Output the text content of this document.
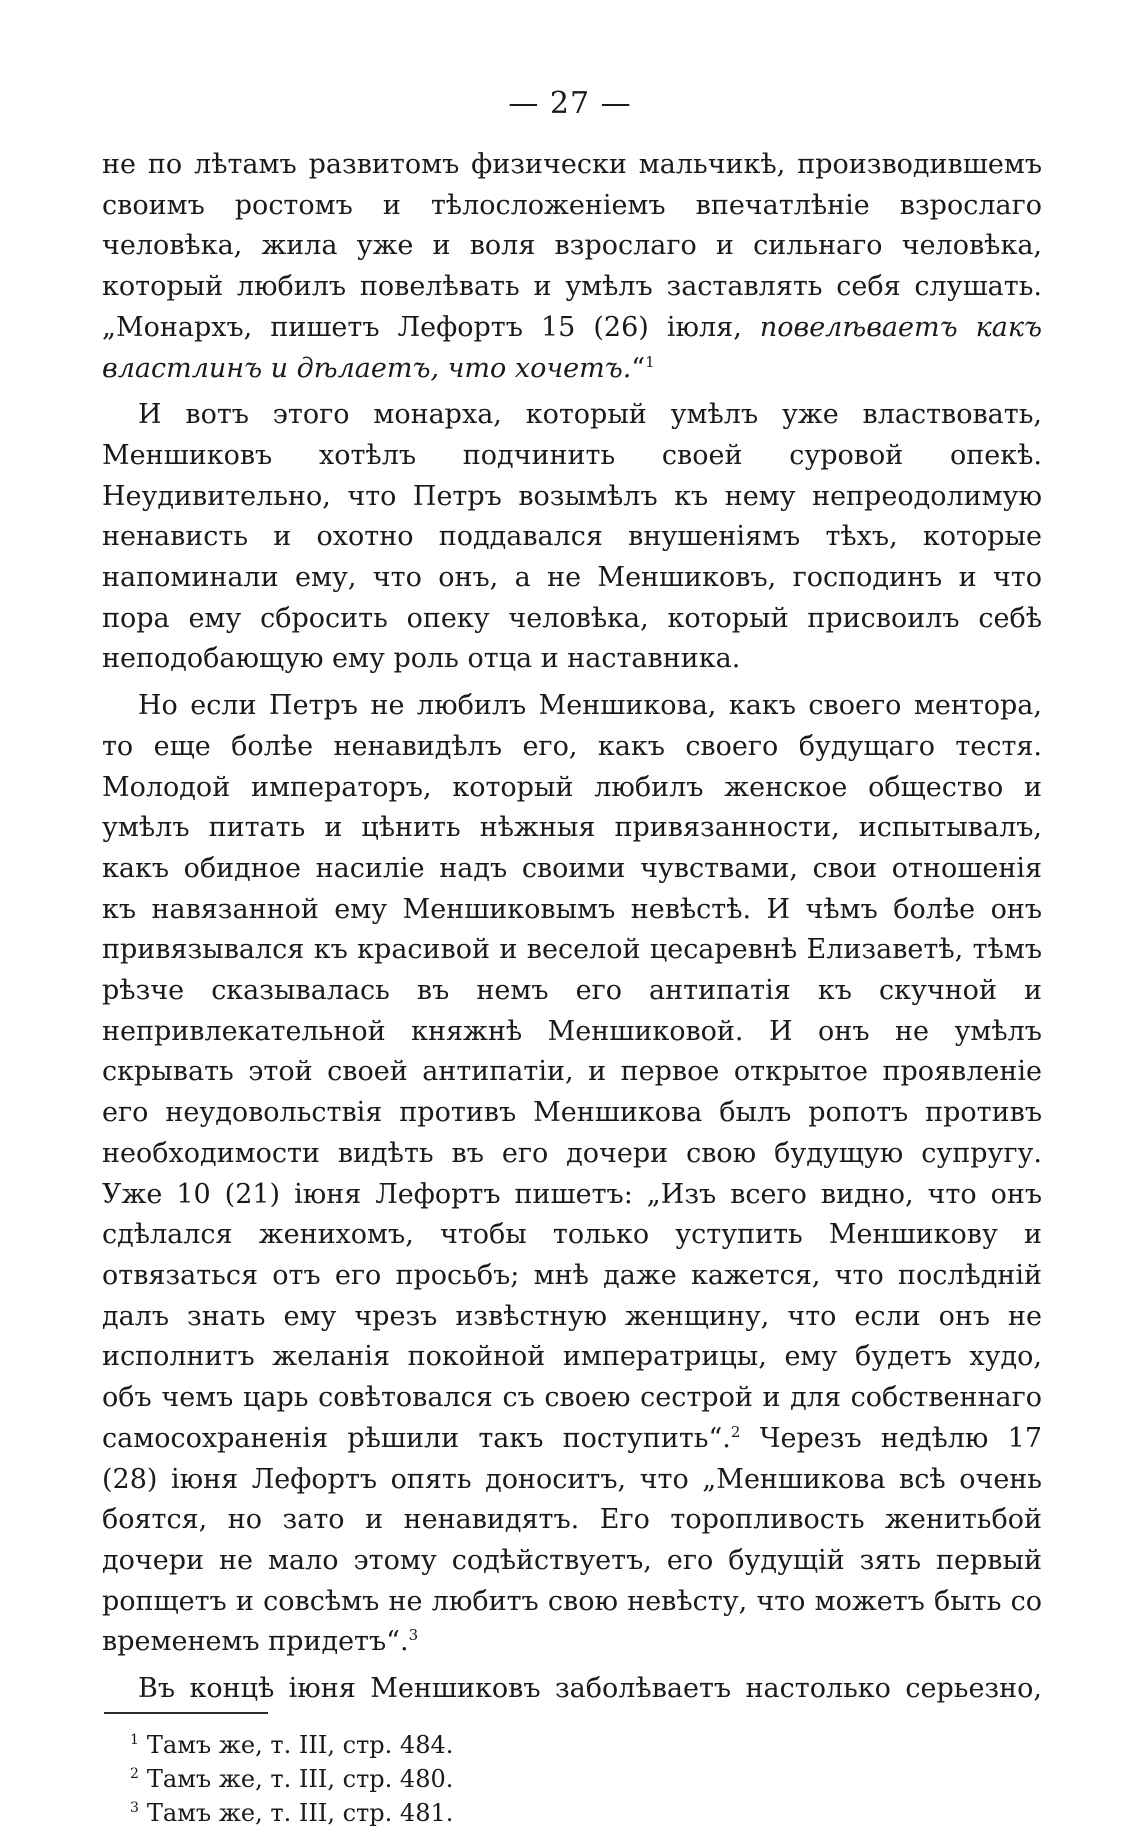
— 27 —

не по лѣтамъ развитомъ физически мальчикѣ, производившемъ своимъ ростомъ и тѣлосложеніемъ впечатлѣніе взрослаго человѣка, жила уже и воля взрослаго и сильнаго человѣка, который любилъ повелѣвать и умѣлъ заставлять себя слушать. „Монархъ, пишетъ Лефортъ 15 (26) іюля, повелѣваетъ какъ властлинъ и дѣлаетъ, что хочетъ.“$^1$

И вотъ этого монарха, который умѣлъ уже властвовать, Меншиковъ хотѣлъ подчинить своей суровой опекѣ. Неудивительно, что Петръ возымѣлъ къ нему непреодолимую ненависть и охотно поддавался внушеніямъ тѣхъ, которые напоминали ему, что онъ, а не Меншиковъ, господинъ и что пора ему сбросить опеку человѣка, который присвоилъ себѣ неподобающую ему роль отца и наставника.

Но если Петръ не любилъ Меншикова, какъ своего ментора, то еще болѣе ненавидѣлъ его, какъ своего будущаго тестя. Молодой императоръ, который любилъ женское общество и умѣлъ питать и цѣнить нѣжныя привязанности, испытывалъ, какъ обидное насиліе надъ своими чувствами, свои отношенія къ навязанной ему Меншиковымъ невѣстѣ. И чѣмъ болѣе онъ привязывался къ красивой и веселой цесаревнѣ Елизаветѣ, тѣмъ рѣзче сказывалась въ немъ его антипатія къ скучной и непривлекательной княжнѣ Меншиковой. И онъ не умѣлъ скрывать этой своей антипатіи, и первое открытое проявленіе его неудовольствія противъ Меншикова былъ ропотъ противъ необходимости видѣть въ его дочери свою будущую супругу. Уже 10 (21) іюня Лефортъ пишетъ: „Изъ всего видно, что онъ сдѣлался женихомъ, чтобы только уступить Меншикову и отвязаться отъ его просьбъ; мнѣ даже кажется, что послѣдній далъ знать ему чрезъ извѣстную женщину, что если онъ не исполнитъ желанія покойной императрицы, ему будетъ худо, объ чемъ царь совѣтовался съ своею сестрой и для собственнаго самосохраненія рѣшили такъ поступить“.$^2$ Черезъ недѣлю 17 (28) іюня Лефортъ опять доноситъ, что „Меншикова всѣ очень боятся, но зато и ненавидятъ. Его торопливость женитьбой дочери не мало этому содѣйствуетъ, его будущій зять первый ропщетъ и совсѣмъ не любитъ свою невѣсту, что можетъ быть со временемъ придетъ“.$^3$

Въ концѣ іюня Меншиковъ заболѣваетъ настолько серьезно,

$^1$ Тамъ же, т. III, стр. 484.

$^2$ Тамъ же, т. III, стр. 480.

$^3$ Тамъ же, т. III, стр. 481.
